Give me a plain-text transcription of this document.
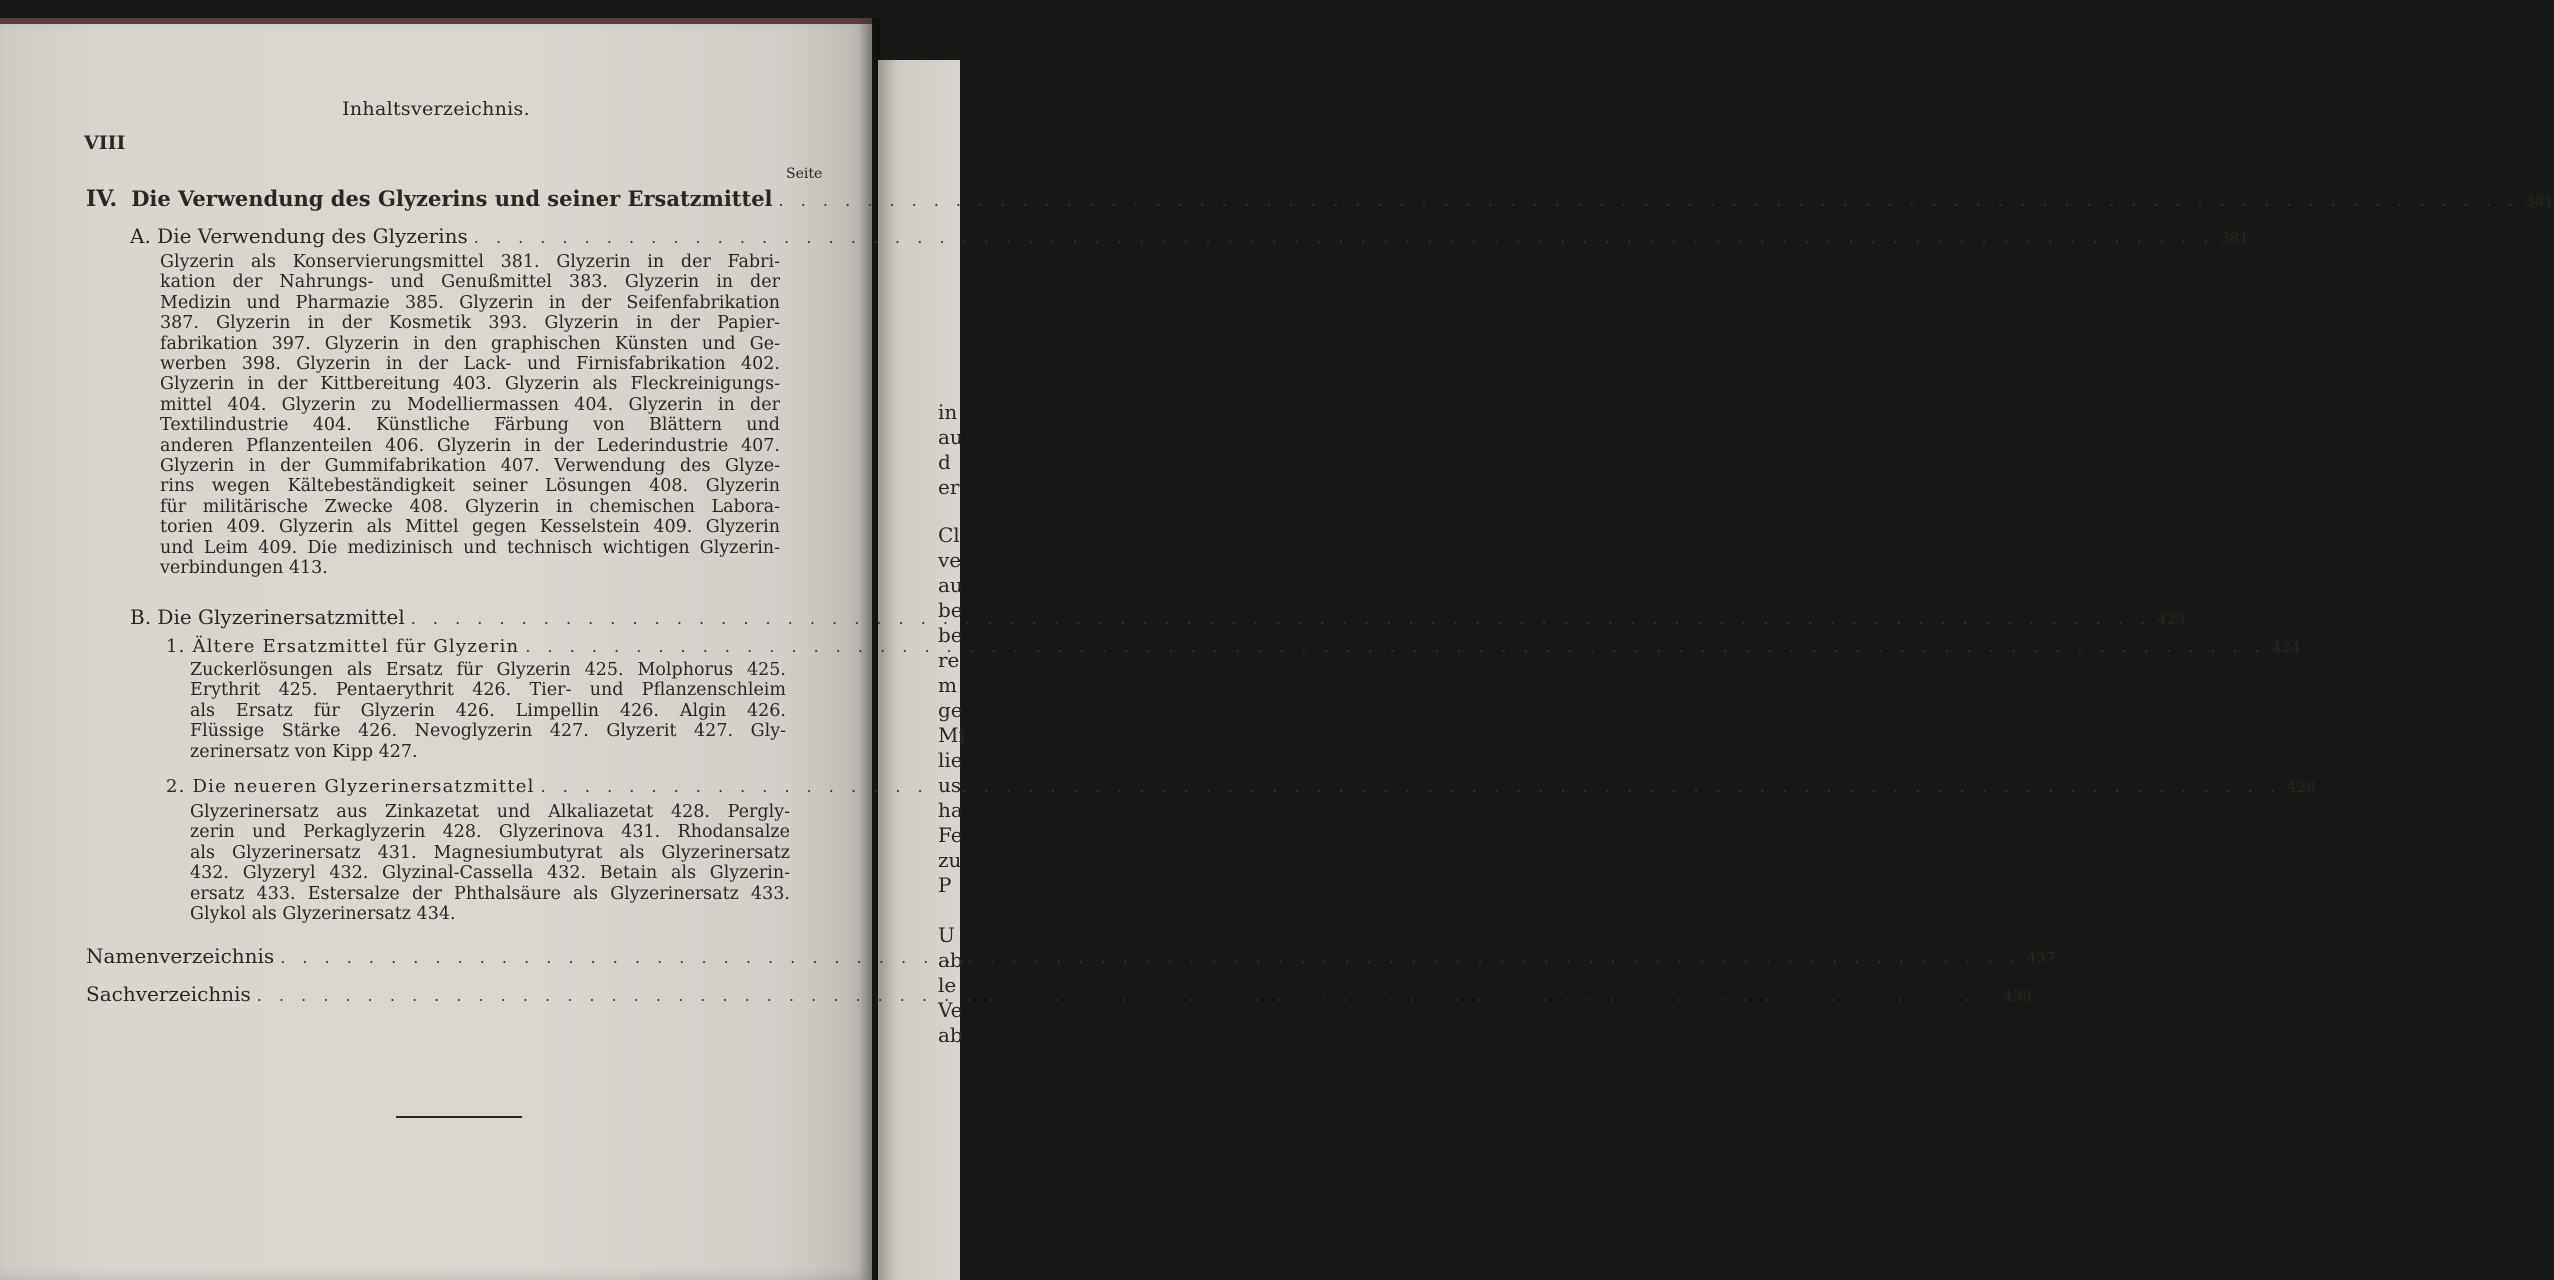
in
au
d
er
Cl
ve
au
be
be
re
m
ge
Mi
lie
us
ha
Fe
zu
P
U
ab
le
Ve
ab
Inhaltsverzeichnis.
VIII
Seite
IV. Die Verwendung des Glyzerins und seiner Ersatzmittel . . .	381
A. Die Verwendung des Glyzerins . . .	381
Glyzerin als Konservierungsmittel 381. Glyzerin in der Fabri-
kation der Nahrungs- und Genußmittel 383. Glyzerin in der
Medizin und Pharmazie 385. Glyzerin in der Seifenfabrikation
387. Glyzerin in der Kosmetik 393. Glyzerin in der Papier-
fabrikation 397. Glyzerin in den graphischen Künsten und Ge-
werben 398. Glyzerin in der Lack- und Firnisfabrikation 402.
Glyzerin in der Kittbereitung 403. Glyzerin als Fleckreinigungs-
mittel 404. Glyzerin zu Modelliermassen 404. Glyzerin in der
Textilindustrie 404. Künstliche Färbung von Blättern und
anderen Pflanzenteilen 406. Glyzerin in der Lederindustrie 407.
Glyzerin in der Gummifabrikation 407. Verwendung des Glyze-
rins wegen Kältebeständigkeit seiner Lösungen 408. Glyzerin
für militärische Zwecke 408. Glyzerin in chemischen Labora-
torien 409. Glyzerin als Mittel gegen Kesselstein 409. Glyzerin
und Leim 409. Die medizinisch und technisch wichtigen Glyzerin-
verbindungen 413.
B. Die Glyzerinersatzmittel . . .	423
1. Ältere Ersatzmittel für Glyzerin . . .	424
Zuckerlösungen als Ersatz für Glyzerin 425. Molphorus 425.
Erythrit 425. Pentaerythrit 426. Tier- und Pflanzenschleim
als Ersatz für Glyzerin 426. Limpellin 426. Algin 426.
Flüssige Stärke 426. Nevoglyzerin 427. Glyzerit 427. Gly-
zerinersatz von Kipp 427.
2. Die neueren Glyzerinersatzmittel . . .	428
Glyzerinersatz aus Zinkazetat und Alkaliazetat 428. Pergly-
zerin und Perkaglyzerin 428. Glyzerinova 431. Rhodansalze
als Glyzerinersatz 431. Magnesiumbutyrat als Glyzerinersatz
432. Glyzeryl 432. Glyzinal-Cassella 432. Betain als Glyzerin-
ersatz 433. Estersalze der Phthalsäure als Glyzerinersatz 433.
Glykol als Glyzerinersatz 434.
Namenverzeichnis . . .	437
Sachverzeichnis . . .	439
